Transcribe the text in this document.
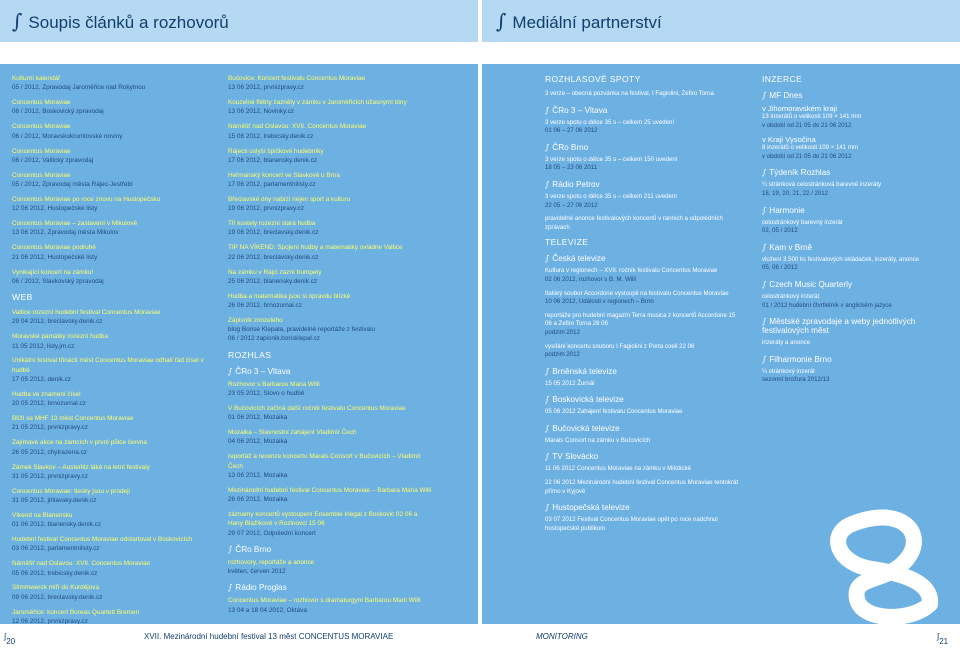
∫ Soupis článků a rozhovorů
Kulturní kalendář
05 / 2012, Zpravodaj Jaroměřice nad Rokytnou
Concentus Moraviae
06 / 2012, Boskovický zpravodaj
Concentus Moraviae
06 / 2012, Moravskokrumlovské noviny
Concentus Moraviae
06 / 2012, Valtický zpravodaj
Concentus Moraviae
05 / 2012, Zpravodaj města Rájec-Jestřebí
Concentus Moraviae po roce znovu na Hustopečsku
12 06 2012, Hustopečské listy
Concentus Moraviae – zastavení v Mikulově
13 06 2012, Zpravodaj města Mikulov
Concentus Moraviae podruhé
21 06 2012, Hustopečské listy
Vynikající koncert na zámku!
06 / 2012, Slavkovský zpravodaj
WEB
Valtice rozezní hudební festival Concentus Moraviae
29 04 2012, breclavsky.denik.cz
Moravské památky rozezní hudba
11 05 2012, listy.jm.cz
Unikátní festival třinácti měst Concentus Moraviae odhalí řád čísel v hudbě
17 05 2012, denik.cz
Hudba ve znamení čísel
20 05 2012, brnozurnal.cz
Blíží se MHF 13 měst Concentus Moraviae
21 05 2012, prvnizpravy.cz
Zajímavé akce na zámcích v první půlce června
26 05 2012, chytrazena.cz
Zámek Slavkov – Austerlitz láká na letní festivaly
31 05 2012, prvnizpravy.cz
Concentus Moraviae: tlesky jsou v prodeji
31 05 2012, jihlavsky.denik.cz
Víkend na Blanensku
01 06 2012, blanensky.denik.cz
Hudební festival Concentus Moraviae odstartoval v Boskovicích
03 06 2012, parlamentnilisty.cz
Náměšť nad Oslavou: XVII. Concentus Moraviae
05 06 2012, trebicsky.denik.cz
Stimmwerck míří do Kurdějova
09 06 2012, breclavsky.denik.cz
Jaroměřice: koncert Boreas Quartett Bremen
12 06 2012, prvnizpravy.cz
Bučovice: Koncert festivalu Concentus Moraviae
13 06 2012, prvnizpravy.cz
Kouzelné flétny zazněly v zámku v Jaroměřicích úžasnými tóny
13 06 2012, Novinky.cz
Náměšť nad Oslavou: XVII. Concentus Moraviae
15 06 2012, trebicsky.denik.cz
Rájecti uslyší špičkové hudebníky
17 06 2012, blanensky.denik.cz
Heřmanský koncert ve Slavkově u Brna
17 06 2012, parlamentnilisty.cz
Břeclavské dny nabízí nejen sport a kulturu
19 06 2012, prvnizpravy.cz
Tři kostely rozezní stará hudba
19 06 2012, breclavsky.denik.cz
TIP NA VÍKEND: Spojení hudby a matematiky ovládne Valtice
22 06 2012, breclavsky.denik.cz
Na zámku v Rájci zazní trumpety
25 06 2012, blanensky.denik.cz
Hudba a matematika jsou si opravdu blízké
26 06 2012, brnozurnal.cz
Zápisník zmizelého
blog Borise Klepala, pravidelné reportáže z festivalu
06 / 2012 zapisnik.borisklepal.cz
ROZHLAS
∫ ČRo 3 – Vltava
Rozhovor s Barbarou Maria Willi
23 05 2012, Slovo o hudbě
V Bučovicích začíná další ročník festivalu Concentus Moraviae
01 06 2012, Mozaika
Mozaika – Slavnostní zahájení Vladimír Čech
04 06 2012, Mozaika
reportáž a recenze koncertu Marais Consort v Bučovicích – Vladimír Čech
13 06 2012, Mozaika
Mezinárodní hudební festival Concentus Moraviae – Barbara Maria Willi
26 06 2012, Mozaika
záznamy koncertů vystoupení Ensemble Inégal z Boskovic 02 06 a Hany Blažíkové v Rozinovci 15 06
29 07 2012, Odpolední koncert
∫ ČRo Brno
rozhovory, reportáže a anonce
květen, červen 2012
∫ Rádio Proglas
Concentus Moraviae – rozhovor s dramaturgyní Barbarou Marií Willi
13 04 a 18 04 2012, Oktáva
∫
20
XVII. Mezinárodní hudební festival 13 měst CONCENTUS MORAVIAE
∫ Mediální partnerství
ROZHLASOVÉ SPOTY
3 verze – obecná pozvánka na festival, I Fagiolini, Zefiro Torna
∫ ČRo 3 – Vltava
3 verze spotu o délce 35 s – celkem 25 uvedení
01 06 – 27 06 2012
∫ ČRo Brno
3 verze spotu o délce 35 s – celkem 150 uvedení
18 05 – 23 06 2011
∫ Rádio Petrov
3 verze spotu o délce 35 s – celkem 211 uvedení
22 05 – 27 06 2012
pravidelné anonce festivalových koncertů v rannich a odpoledních zprávách
TELEVIZE
∫ Česká televize
Kultura v regionech – XVII. ročník festivalu Concentus Moraviae
02 06 2012, rozhovor s B. M. Willi
Italský soubor Accordone vystoupil na festivalu Concentus Moraviae
10 06 2012, Události v regionech – Brno
reportáže pro hudební magazín Terra musica z koncertů Accordone 15 06 a Zefiro Torna 28 06
podzim 2012
vysílání koncertu souboru I Fagiolini z Porta coeli 22 06
podzim 2012
∫ Brněnská televize
15 05 2012 Žurnál
∫ Boskovická televize
05 06 2012 Zahájení festivalu Concentus Moraviae
∫ Bučovická televize
Marais Consort na zámku v Bučovicích
∫ TV Slovácko
11 06 2012 Concentus Moraviae na zámku v Milotické
22 06 2012 Mezinárodní hudební festival Concentus Moraviae tentokrát přímo v Kyjově
∫ Hustopečská televize
03 07 2012 Festival Concentus Moraviae opět po roce nadchnul hustopečské publikum
INZERCE
∫ MF Dnes
v Jihomoravském kraji
13 inzerátů o velikosti 109 × 141 mm
v období od 21 05 do 21 06 2012
v Kraji Vysočina
8 inzerátů o velikosti 109 × 141 mm
v období od 21 05 do 21 06 2012
∫ Týdeník Rozhlas
¼ stránková celostránková barevné inzeráty
18, 19, 20, 21, 22 / 2012
∫ Harmonie
celostránkový barevný inzerát
02, 05 / 2012
∫ Kam v Brně
vložení 3.500 ks festivalových skládaček, inzeráty, anonce
05, 06 / 2012
∫ Czech Music Quarterly
celostránkový inzerát
01 / 2012 hudební čtvrtletník v anglickém jazyce
∫ Městské zpravodaje a weby jednotlivých festivalových měst
inzeráty a anonce
∫ Filharmonie Brno
¼ stránkový inzerát
sezonní brožura 2012/13
MONITORING	∫
21
